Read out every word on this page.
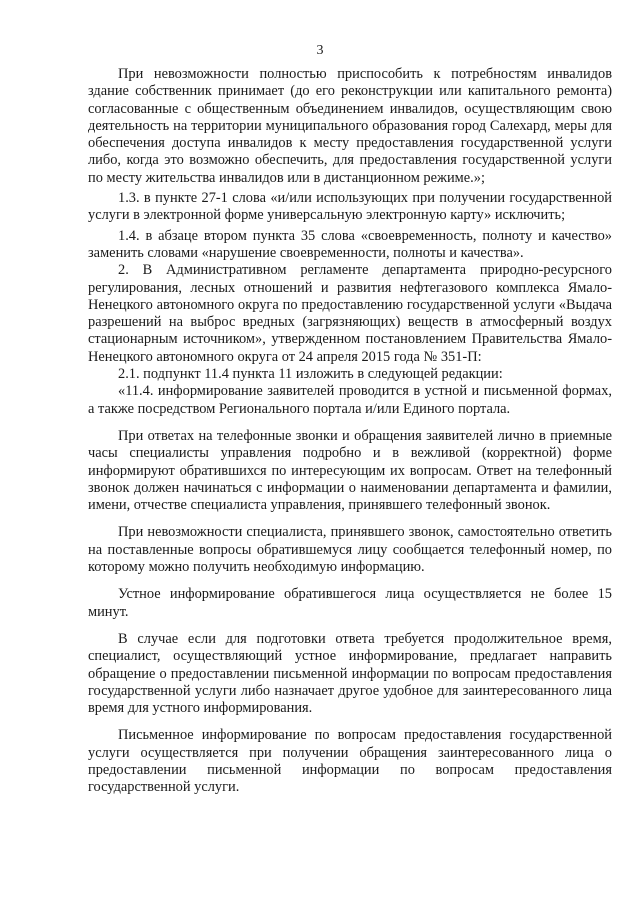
3

При невозможности полностью приспособить к потребностям инвалидов здание собственник принимает (до его реконструкции или капитального ремонта) согласованные с общественным объединением инвалидов, осуществляющим свою деятельность на территории муниципального образования город Салехард, меры для обеспечения доступа инвалидов к месту предоставления государственной услуги либо, когда это возможно обеспечить, для предоставления государственной услуги по месту жительства инвалидов или в дистанционном режиме.»;

1.3. в пункте 27-1 слова «и/или использующих при получении государственной услуги в электронной форме универсальную электронную карту» исключить;

1.4. в абзаце втором пункта 35 слова «своевременность, полноту и качество» заменить словами «нарушение своевременности, полноты и качества».

2. В Административном регламенте департамента природно-ресурсного регулирования, лесных отношений и развития нефтегазового комплекса Ямало-Ненецкого автономного округа по предоставлению государственной услуги «Выдача разрешений на выброс вредных (загрязняющих) веществ в атмосферный воздух стационарным источником», утвержденном постановлением Правительства Ямало-Ненецкого автономного округа от 24 апреля 2015 года № 351-П:

2.1. подпункт 11.4 пункта 11 изложить в следующей редакции:

«11.4. информирование заявителей проводится в устной и письменной формах, а также посредством Регионального портала и/или Единого портала.

При ответах на телефонные звонки и обращения заявителей лично в приемные часы специалисты управления подробно и в вежливой (корректной) форме информируют обратившихся по интересующим их вопросам. Ответ на телефонный звонок должен начинаться с информации о наименовании департамента и фамилии, имени, отчестве специалиста управления, принявшего телефонный звонок.

При невозможности специалиста, принявшего звонок, самостоятельно ответить на поставленные вопросы обратившемуся лицу сообщается телефонный номер, по которому можно получить необходимую информацию.

Устное информирование обратившегося лица осуществляется не более 15 минут.

В случае если для подготовки ответа требуется продолжительное время, специалист, осуществляющий устное информирование, предлагает направить обращение о предоставлении письменной информации по вопросам предоставления государственной услуги либо назначает другое удобное для заинтересованного лица время для устного информирования.

Письменное информирование по вопросам предоставления государственной услуги осуществляется при получении обращения заинтересованного лица о предоставлении письменной информации по вопросам предоставления государственной услуги.
